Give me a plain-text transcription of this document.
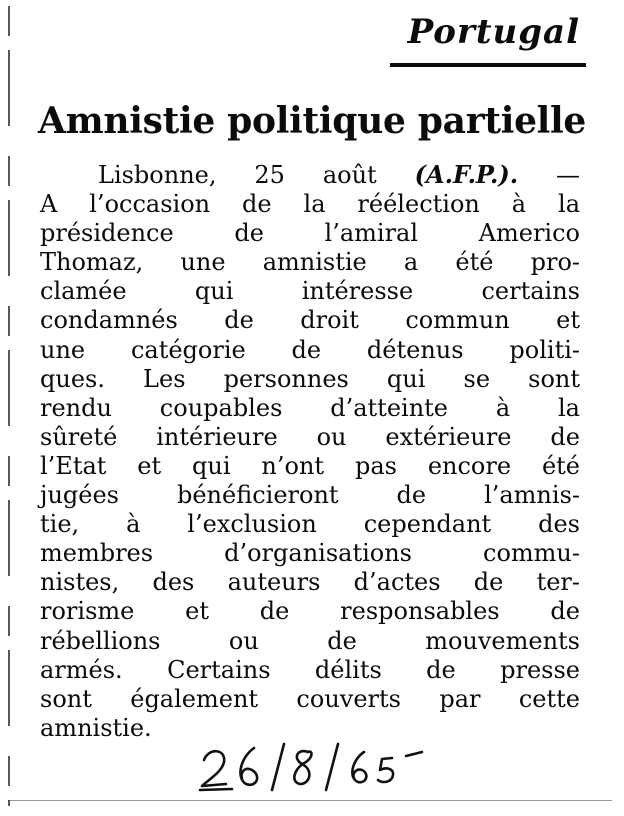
Portugal
Amnistie politique partielle
Lisbonne, 25 août (A.F.P.). —
A l’occasion de la réélection à la
présidence de l’amiral Americo
Thomaz, une amnistie a été pro-
clamée qui intéresse certains
condamnés de droit commun et
une catégorie de détenus politi-
ques. Les personnes qui se sont
rendu coupables d’atteinte à la
sûreté intérieure ou extérieure de
l’Etat et qui n’ont pas encore été
jugées bénéficieront de l’amnis-
tie, à l’exclusion cependant des
membres d’organisations commu-
nistes, des auteurs d’actes de ter-
rorisme et de responsables de
rébellions ou de mouvements
armés. Certains délits de presse
sont également couverts par cette
amnistie.
